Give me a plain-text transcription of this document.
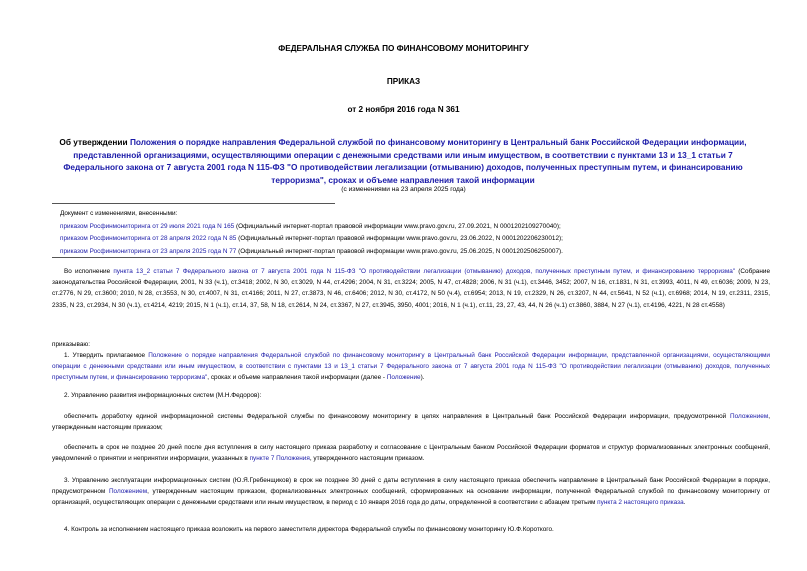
ФЕДЕРАЛЬНАЯ СЛУЖБА ПО ФИНАНСОВОМУ МОНИТОРИНГУ
ПРИКАЗ
от 2 ноября 2016 года N 361
Об утверждении Положения о порядке направления Федеральной службой по финансовому мониторингу в Центральный банк Российской Федерации информации, представленной организациями, осуществляющими операции с денежными средствами или иным имуществом, в соответствии с пунктами 13 и 13_1 статьи 7 Федерального закона от 7 августа 2001 года N 115-ФЗ "О противодействии легализации (отмыванию) доходов, полученных преступным путем, и финансированию терроризма", сроках и объеме направления такой информации
(с изменениями на 23 апреля 2025 года)
Документ с изменениями, внесенными:
приказом Росфинмониторинга от 29 июля 2021 года N 165 (Официальный интернет-портал правовой информации www.pravo.gov.ru, 27.09.2021, N 0001202109270040);
приказом Росфинмониторинга от 28 апреля 2022 года N 85 (Официальный интернет-портал правовой информации www.pravo.gov.ru, 23.06.2022, N 0001202206230012);
приказом Росфинмониторинга от 23 апреля 2025 года N 77 (Официальный интернет-портал правовой информации www.pravo.gov.ru, 25.06.2025, N 0001202506250007).
Во исполнение пункта 13_2 статьи 7 Федерального закона от 7 августа 2001 года N 115-ФЗ "О противодействии легализации (отмыванию) доходов, полученных преступным путем, и финансированию терроризма" (Собрание законодательства Российской Федерации, 2001, N 33 (ч.1), ст.3418; 2002, N 30, ст.3029, N 44, ст.4296; 2004, N 31, ст.3224; 2005, N 47, ст.4828; 2006, N 31 (ч.1), ст.3446, 3452; 2007, N 16, ст.1831, N 31, ст.3993, 4011, N 49, ст.6036; 2009, N 23, ст.2776, N 29, ст.3600; 2010, N 28, ст.3553, N 30, ст.4007, N 31, ст.4166; 2011, N 27, ст.3873, N 46, ст.6406; 2012, N 30, ст.4172, N 50 (ч.4), ст.6954; 2013, N 19, ст.2329, N 26, ст.3207, N 44, ст.5641, N 52 (ч.1), ст.6968; 2014, N 19, ст.2311, 2315, 2335, N 23, ст.2934, N 30 (ч.1), ст.4214, 4219; 2015, N 1 (ч.1), ст.14, 37, 58, N 18, ст.2614, N 24, ст.3367, N 27, ст.3945, 3950, 4001; 2016, N 1 (ч.1), ст.11, 23, 27, 43, 44, N 26 (ч.1) ст.3860, 3884, N 27 (ч.1), ст.4196, 4221, N 28 ст.4558)
приказываю:
1. Утвердить прилагаемое Положение о порядке направления Федеральной службой по финансовому мониторингу в Центральный банк Российской Федерации информации, представленной организациями, осуществляющими операции с денежными средствами или иным имуществом, в соответствии с пунктами 13 и 13_1 статьи 7 Федерального закона от 7 августа 2001 года N 115-ФЗ "О противодействии легализации (отмыванию) доходов, полученных преступным путем, и финансированию терроризма", сроках и объеме направления такой информации (далее - Положение).
2. Управлению развития информационных систем (М.Н.Федоров):
обеспечить доработку единой информационной системы Федеральной службы по финансовому мониторингу в целях направления в Центральный банк Российской Федерации информации, предусмотренной Положением, утвержденным настоящим приказом;
обеспечить в срок не позднее 20 дней после дня вступления в силу настоящего приказа разработку и согласование с Центральным банком Российской Федерации форматов и структур формализованных электронных сообщений, уведомлений о принятии и непринятии информации, указанных в пункте 7 Положения, утвержденного настоящим приказом.
3. Управлению эксплуатации информационных систем (Ю.Я.Гребенщиков) в срок не позднее 30 дней с даты вступления в силу настоящего приказа обеспечить направление в Центральный банк Российской Федерации в порядке, предусмотренном Положением, утвержденным настоящим приказом, формализованных электронных сообщений, сформированных на основании информации, полученной Федеральной службой по финансовому мониторингу от организаций, осуществляющих операции с денежными средствами или иным имуществом, в период с 10 января 2016 года до даты, определенной в соответствии с абзацем третьим пункта 2 настоящего приказа.
4. Контроль за исполнением настоящего приказа возложить на первого заместителя директора Федеральной службы по финансовому мониторингу Ю.Ф.Короткого.
